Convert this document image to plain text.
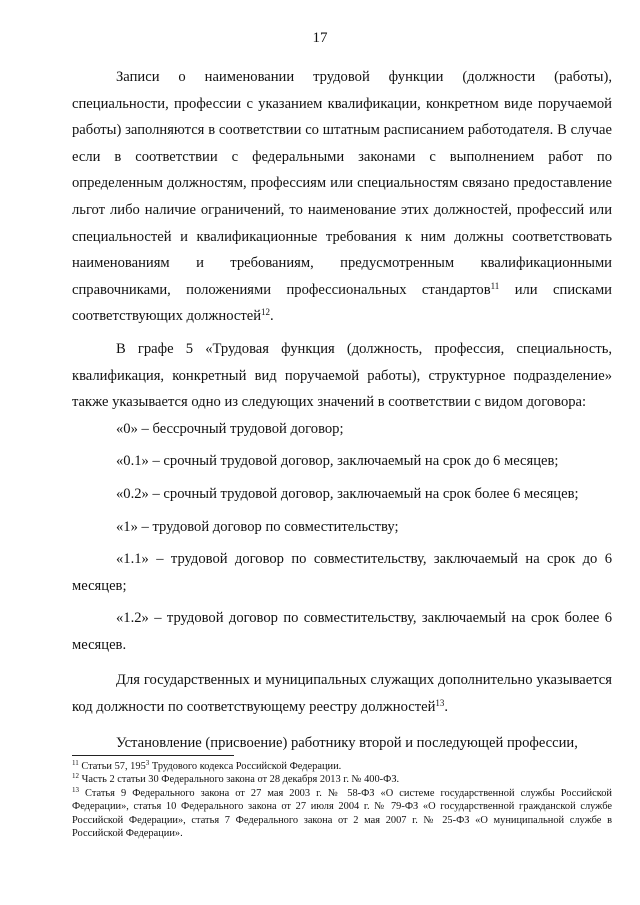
17

Записи о наименовании трудовой функции (должности (работы), специальности, профессии с указанием квалификации, конкретном виде поручаемой работы) заполняются в соответствии со штатным расписанием работодателя. В случае если в соответствии с федеральными законами с выполнением работ по определенным должностям, профессиям или специальностям связано предоставление льгот либо наличие ограничений, то наименование этих должностей, профессий или специальностей и квалификационные требования к ним должны соответствовать наименованиям и требованиям, предусмотренным квалификационными справочниками, положениями профессиональных стандартов$^{11}$ или списками соответствующих должностей$^{12}$.

В графе 5 «Трудовая функция (должность, профессия, специальность, квалификация, конкретный вид поручаемой работы), структурное подразделение» также указывается одно из следующих значений в соответствии с видом договора:

«0» – бессрочный трудовой договор;

«0.1» – срочный трудовой договор, заключаемый на срок до 6 месяцев;

«0.2» – срочный трудовой договор, заключаемый на срок более 6 месяцев;

«1» – трудовой договор по совместительству;

«1.1» – трудовой договор по совместительству, заключаемый на срок до 6 месяцев;

«1.2» – трудовой договор по совместительству, заключаемый на срок более 6 месяцев.

Для государственных и муниципальных служащих дополнительно указывается код должности по соответствующему реестру должностей$^{13}$.

Установление (присвоение) работнику второй и последующей профессии,

$^{11}$ Статьи 57, $195^3$ Трудового кодекса Российской Федерации.

$^{12}$ Часть 2 статьи 30 Федерального закона от 28 декабря 2013 г. № 400-ФЗ.

$^{13}$ Статья 9 Федерального закона от 27 мая 2003 г. № 58-ФЗ «О системе государственной службы Российской Федерации», статья 10 Федерального закона от 27 июля 2004 г. № 79-ФЗ «О государственной гражданской службе Российской Федерации», статья 7 Федерального закона от 2 мая 2007 г. № 25-ФЗ «О муниципальной службе в Российской Федерации».
